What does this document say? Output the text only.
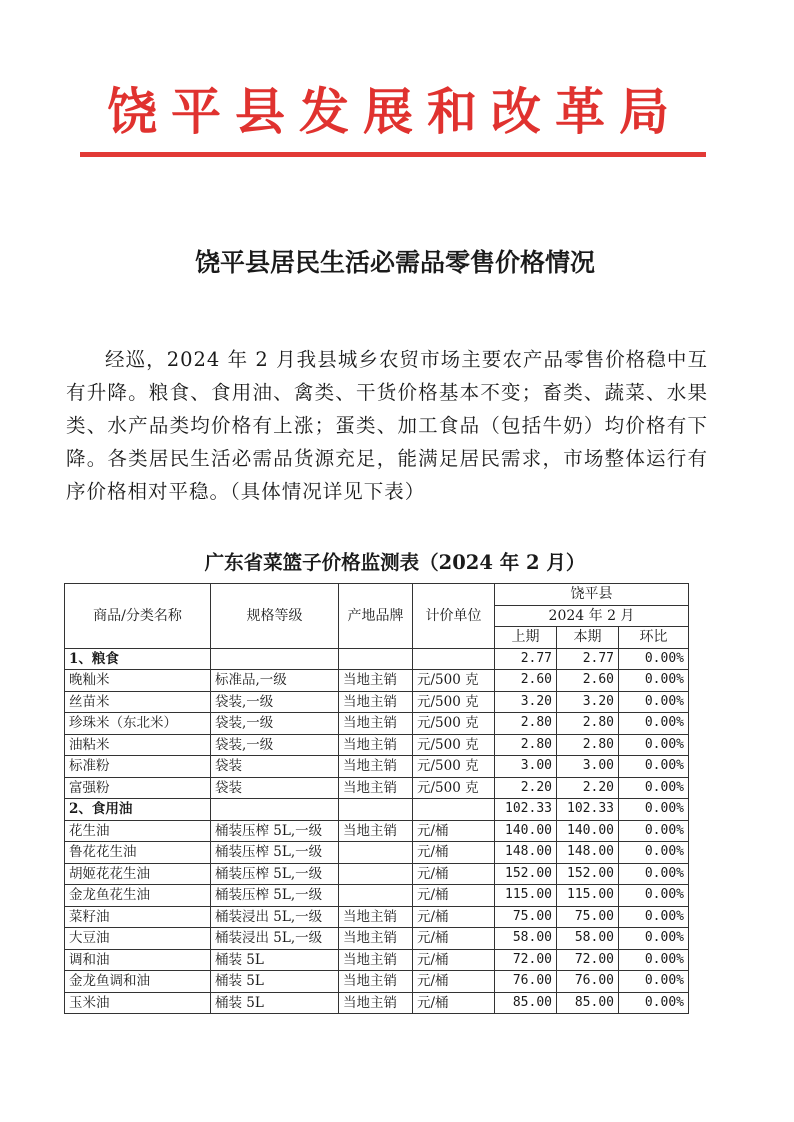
饶平县发展和改革局
饶平县居民生活必需品零售价格情况

经巡，2024 年 2 月我县城乡农贸市场主要农产品零售价格稳中互有升降。粮食、食用油、禽类、干货价格基本不变；畜类、蔬菜、水果类、水产品类均价格有上涨；蛋类、加工食品（包括牛奶）均价格有下降。各类居民生活必需品货源充足，能满足居民需求，市场整体运行有序价格相对平稳。（具体情况详见下表）

广东省菜篮子价格监测表（2024 年 2 月）
商品/分类名称	规格等级	产地品牌	计价单位	饶平县		
				2024 年 2 月		
				上期	本期	环比
1、粮食				2.77	2.77	0.00%
晚籼米	标准品,一级	当地主销	元/500 克	2.60	2.60	0.00%
丝苗米	袋装,一级	当地主销	元/500 克	3.20	3.20	0.00%
珍珠米（东北米）	袋装,一级	当地主销	元/500 克	2.80	2.80	0.00%
油粘米	袋装,一级	当地主销	元/500 克	2.80	2.80	0.00%
标准粉	袋装	当地主销	元/500 克	3.00	3.00	0.00%
富强粉	袋装	当地主销	元/500 克	2.20	2.20	0.00%
2、食用油				102.33	102.33	0.00%
花生油	桶装压榨 5L,一级	当地主销	元/桶	140.00	140.00	0.00%
鲁花花生油	桶装压榨 5L,一级		元/桶	148.00	148.00	0.00%
胡姬花花生油	桶装压榨 5L,一级		元/桶	152.00	152.00	0.00%
金龙鱼花生油	桶装压榨 5L,一级		元/桶	115.00	115.00	0.00%
菜籽油	桶装浸出 5L,一级	当地主销	元/桶	75.00	75.00	0.00%
大豆油	桶装浸出 5L,一级	当地主销	元/桶	58.00	58.00	0.00%
调和油	桶装 5L	当地主销	元/桶	72.00	72.00	0.00%
金龙鱼调和油	桶装 5L	当地主销	元/桶	76.00	76.00	0.00%
玉米油	桶装 5L	当地主销	元/桶	85.00	85.00	0.00%
